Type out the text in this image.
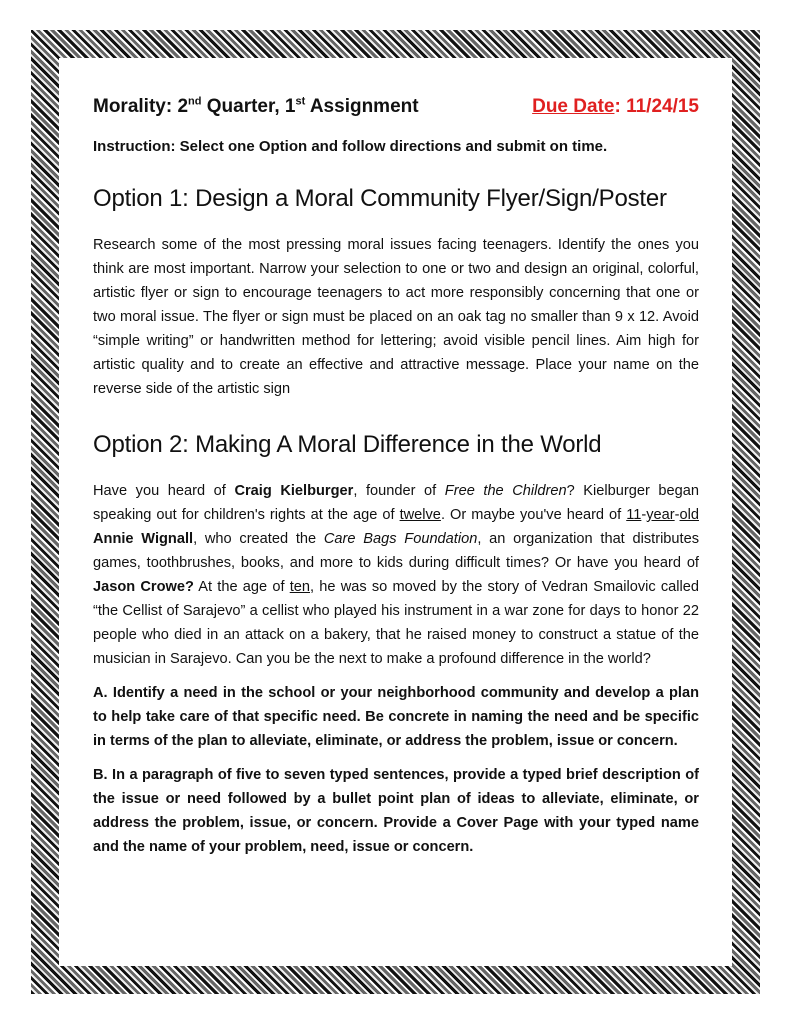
Morality: 2nd Quarter, 1st Assignment	Due Date: 11/24/15
Instruction: Select one Option and follow directions and submit on time.
Option 1: Design a Moral Community Flyer/Sign/Poster

Research some of the most pressing moral issues facing teenagers. Identify the ones you think are most important. Narrow your selection to one or two and design an original, colorful, artistic flyer or sign to encourage teenagers to act more responsibly concerning that one or two moral issue. The flyer or sign must be placed on an oak tag no smaller than 9 x 12. Avoid “simple writing” or handwritten method for lettering; avoid visible pencil lines. Aim high for artistic quality and to create an effective and attractive message. Place your name on the reverse side of the artistic sign

Option 2: Making A Moral Difference in the World

Have you heard of Craig Kielburger, founder of Free the Children? Kielburger began speaking out for children's rights at the age of twelve. Or maybe you've heard of 11-year-old Annie Wignall, who created the Care Bags Foundation, an organization that distributes games, toothbrushes, books, and more to kids during difficult times? Or have you heard of Jason Crowe? At the age of ten, he was so moved by the story of Vedran Smailovic called “the Cellist of Sarajevo” a cellist who played his instrument in a war zone for days to honor 22 people who died in an attack on a bakery, that he raised money to construct a statue of the musician in Sarajevo. Can you be the next to make a profound difference in the world?

A. Identify a need in the school or your neighborhood community and develop a plan to help take care of that specific need. Be concrete in naming the need and be specific in terms of the plan to alleviate, eliminate, or address the problem, issue or concern.

B. In a paragraph of five to seven typed sentences, provide a typed brief description of the issue or need followed by a bullet point plan of ideas to alleviate, eliminate, or address the problem, issue, or concern. Provide a Cover Page with your typed name and the name of your problem, need, issue or concern.
